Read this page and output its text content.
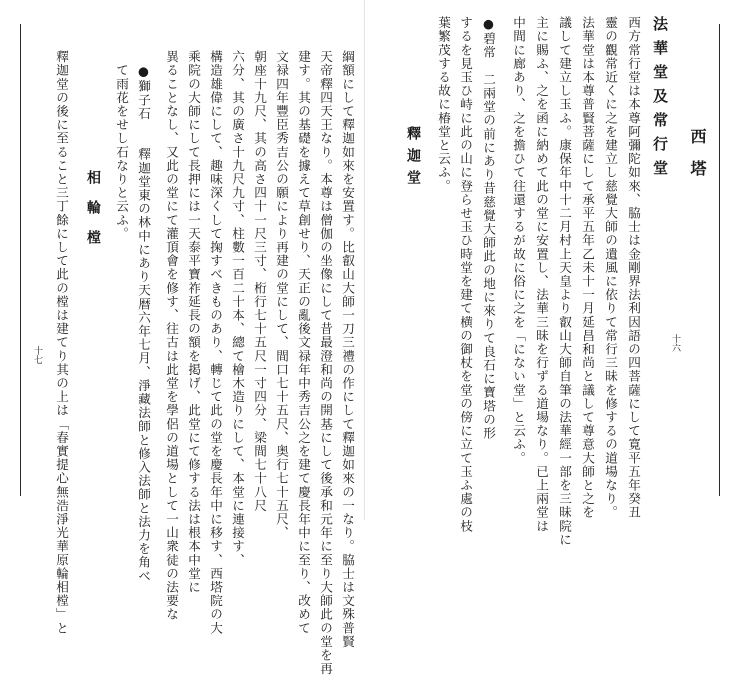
西塔
法華堂及常行堂
十六
西方常行堂は本尊阿彌陀如來、脇士は金剛界法利因語の四菩薩にして寛平五年癸丑
靈の觀常近くに之を建立し慈覺大師の遺風に依りて常行三昧を修するの道場なり。
法華堂は本尊普賢菩薩にして承平五年乙未十一月延昌和尚と議して尊意大師と之を
議して建立し玉ふ。康保年中十二月村上天皇より叡山大師自筆の法華經一部を三昧院に
主に賜ふ、之を函に納めて此の堂に安置し、法華三昧を行ずる道場なり。已上兩堂は
中間に廊あり、之を擔ひて往還するが故に俗に之を「にない堂」と云ふ。
●碧常　二兩堂の前にあり昔慈覺大師此の地に來りて良石に寶塔の形
するを見玉ひ峙に此の山に登らせ玉ひ時堂を建て横の御杖を堂の傍に立て玉ふ處の枝
葉繁茂する故に椿堂と云ふ。
　　　　　釋迦堂
十七	綱額にして釋迦如來を安置す。比叡山大師一刀三禮の作にして釋迦如來の一なり。脇士は文殊普賢
天帝釋四天王なり。本尊は僧伽の坐像にして昔最澄和尚の開基にして後承和元年に至り大師此の堂を再
建す。其の基礎を據えて草創せり、天正の亂後文禄年中秀吉公之を建て慶長年中に至り、改めて
文禄四年豐臣秀吉公の願により再建の堂にして、間口七十五尺、奥行七十五尺、
朝座十九尺、其の高さ四十一尺三寸、桁行七十五尺一寸四分、梁間七十八尺
六分、其の廣さ十九尺九寸、柱數一百二十本、總て檜木造りにして、本堂に連接す、
構造雄偉にして、趣味深くして掬すべきものあり、轉じて此の堂を慶長年中に移す、西塔院の大
乘院の大師にして長押には一天泰平寶祚延長の額を掲げ、此堂にて修する法は根本中堂に
異ることなし、又此の堂にて灌頂會を修す、往古は此堂を學侶の道場として一山衆徒の法要な
　●獅子石　　釋迦堂東の林中にあり天暦六年七月、淨藏法師と修入法師と法力を角べ
　て雨花をせし石なりと云ふ。
　　　　　　　　相　輪　樘
釋迦堂の後に至ること三丁餘にして此の樘は建てり其の上は「春實提心無浩淨光華原輪相樘」と
